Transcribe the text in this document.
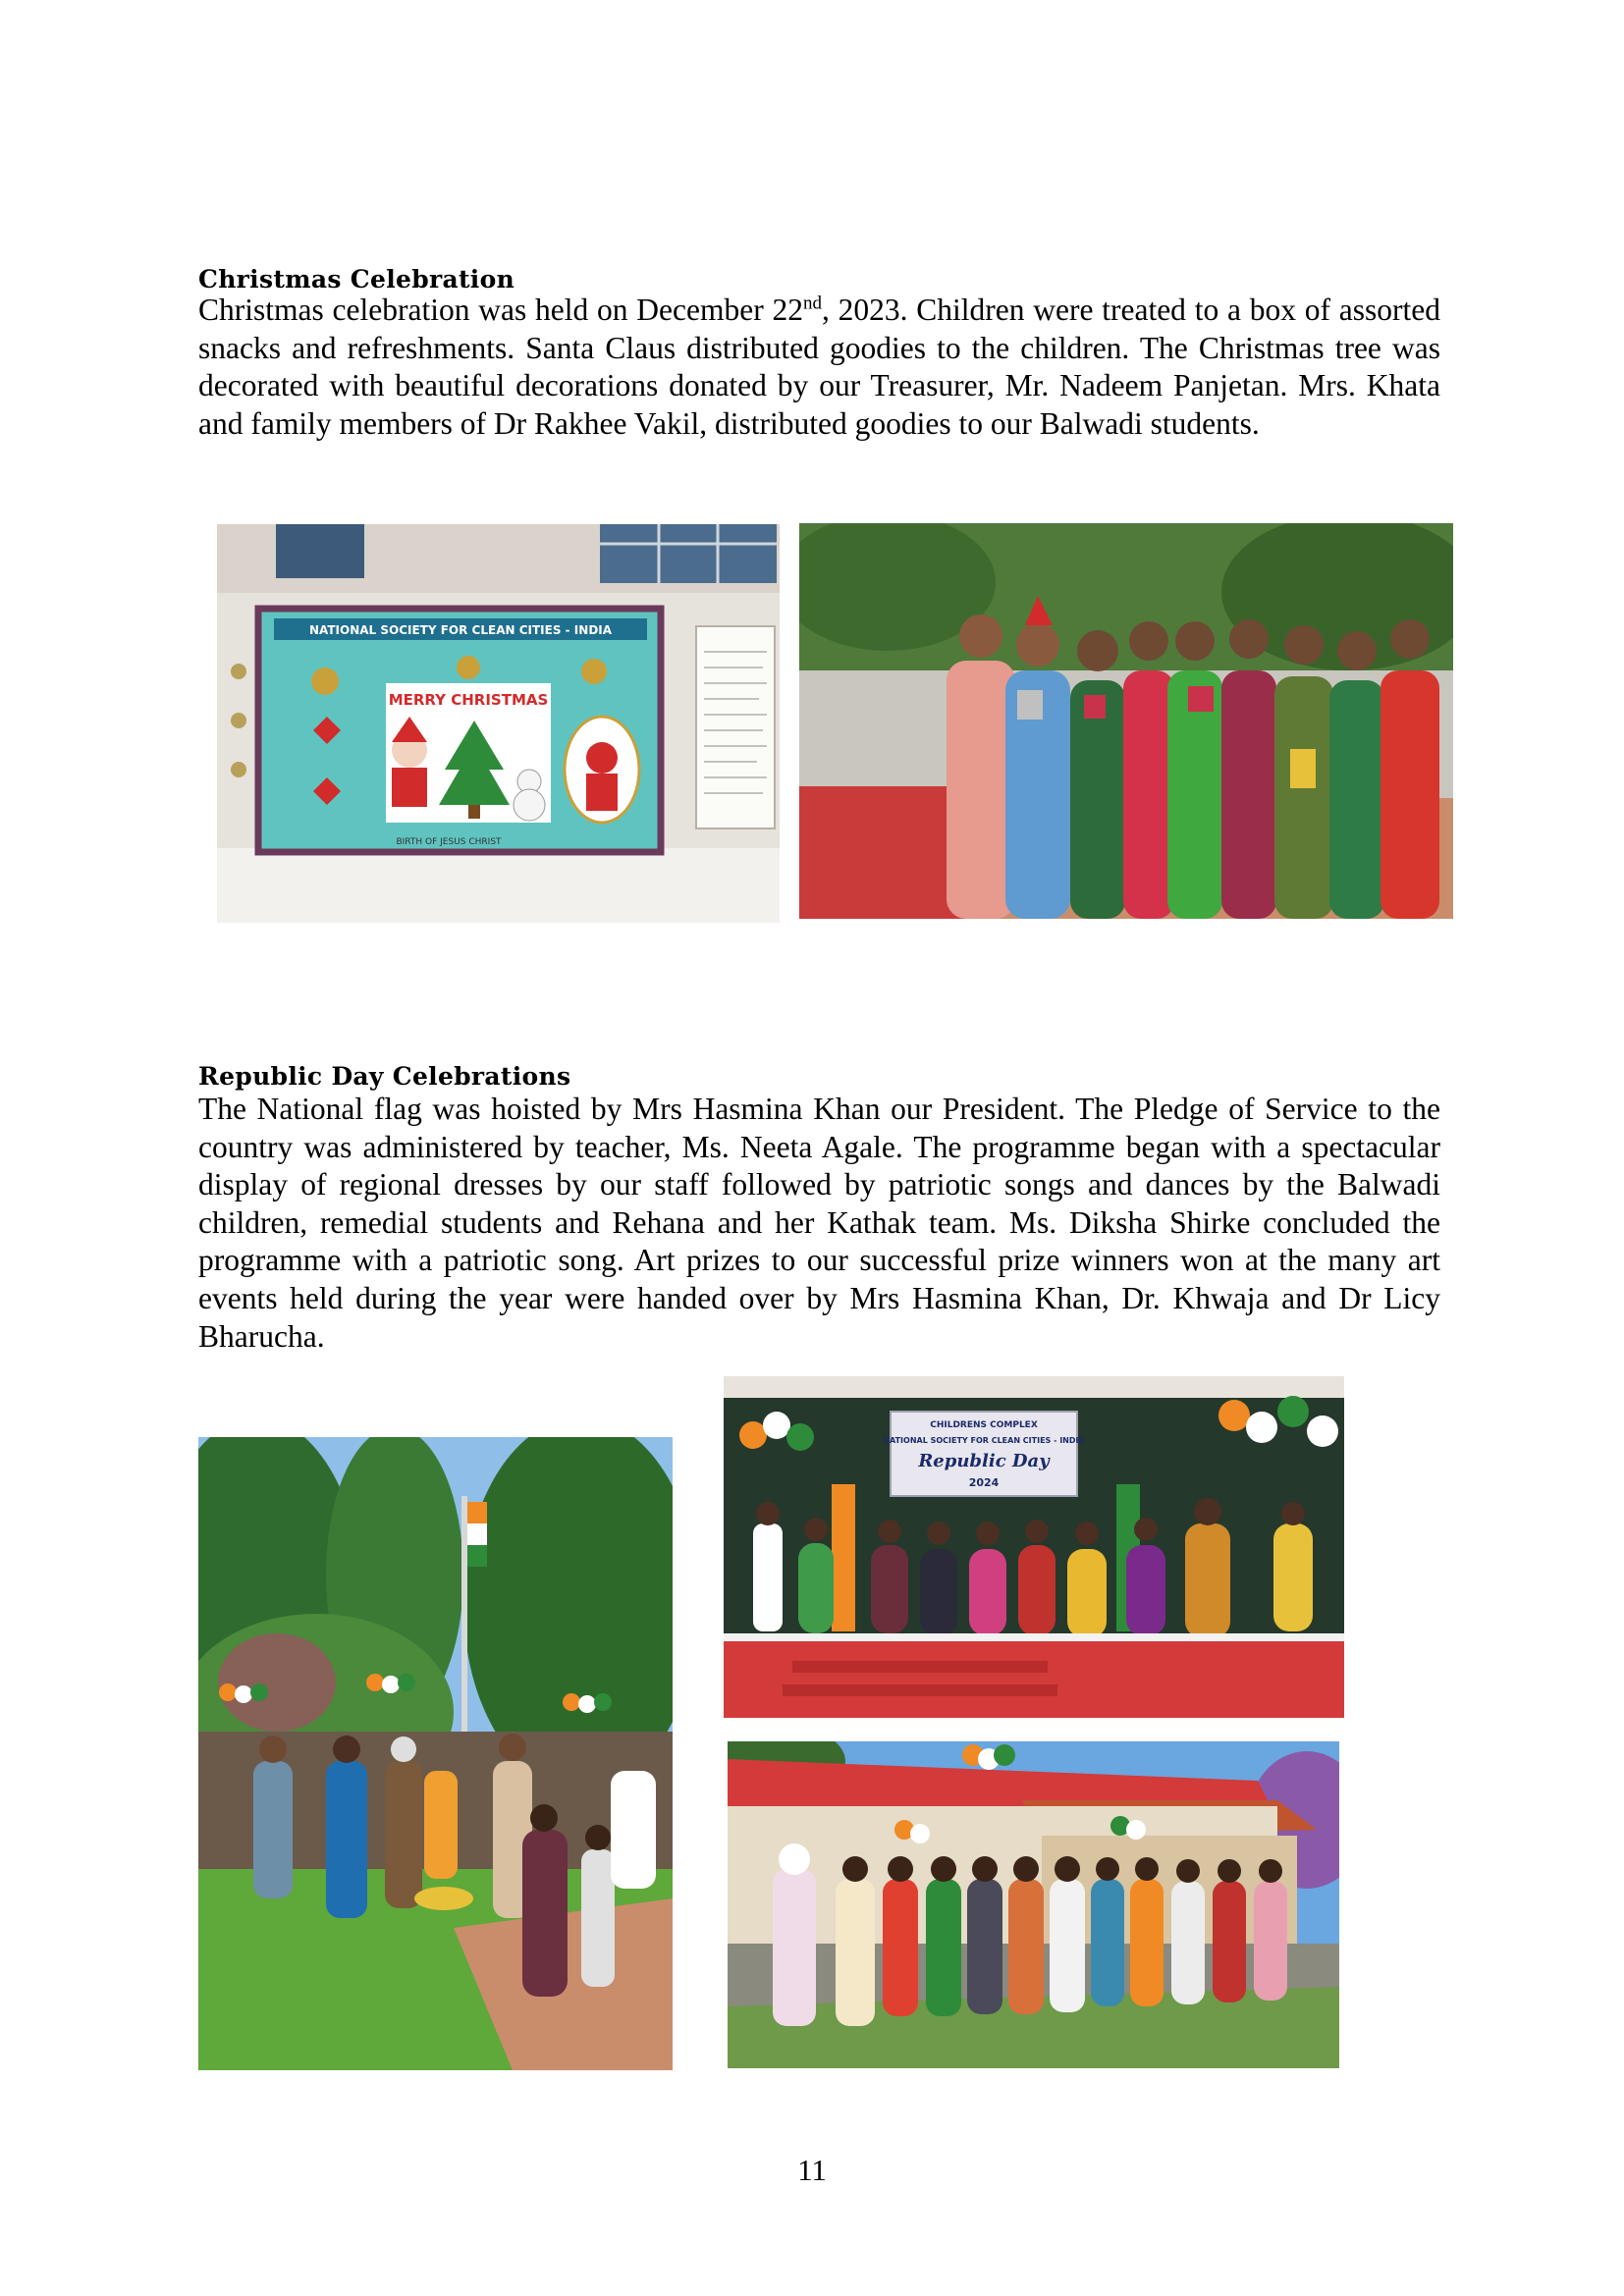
Christmas Celebration

Christmas celebration was held on December 22nd, 2023. Children were treated to a box of assorted snacks and refreshments. Santa Claus distributed goodies to the children. The Christmas tree was decorated with beautiful decorations donated by our Treasurer, Mr. Nadeem Panjetan. Mrs. Khata and family members of Dr Rakhee Vakil, distributed goodies to our Balwadi students.

NATIONAL SOCIETY FOR CLEAN CITIES - INDIA
MERRY CHRISTMAS
BIRTH OF JESUS CHRIST
Republic Day Celebrations

The National flag was hoisted by Mrs Hasmina Khan our President. The Pledge of Service to the country was administered by teacher, Ms. Neeta Agale. The programme began with a spectacular display of regional dresses by our staff followed by patriotic songs and dances by the Balwadi children, remedial students and Rehana and her Kathak team. Ms. Diksha Shirke concluded the programme with a patriotic song. Art prizes to our successful prize winners won at the many art events held during the year were handed over by Mrs Hasmina Khan, Dr. Khwaja and Dr Licy Bharucha.

CHILDRENS COMPLEX
NATIONAL SOCIETY FOR CLEAN CITIES - INDIA
Republic Day
2024
11
